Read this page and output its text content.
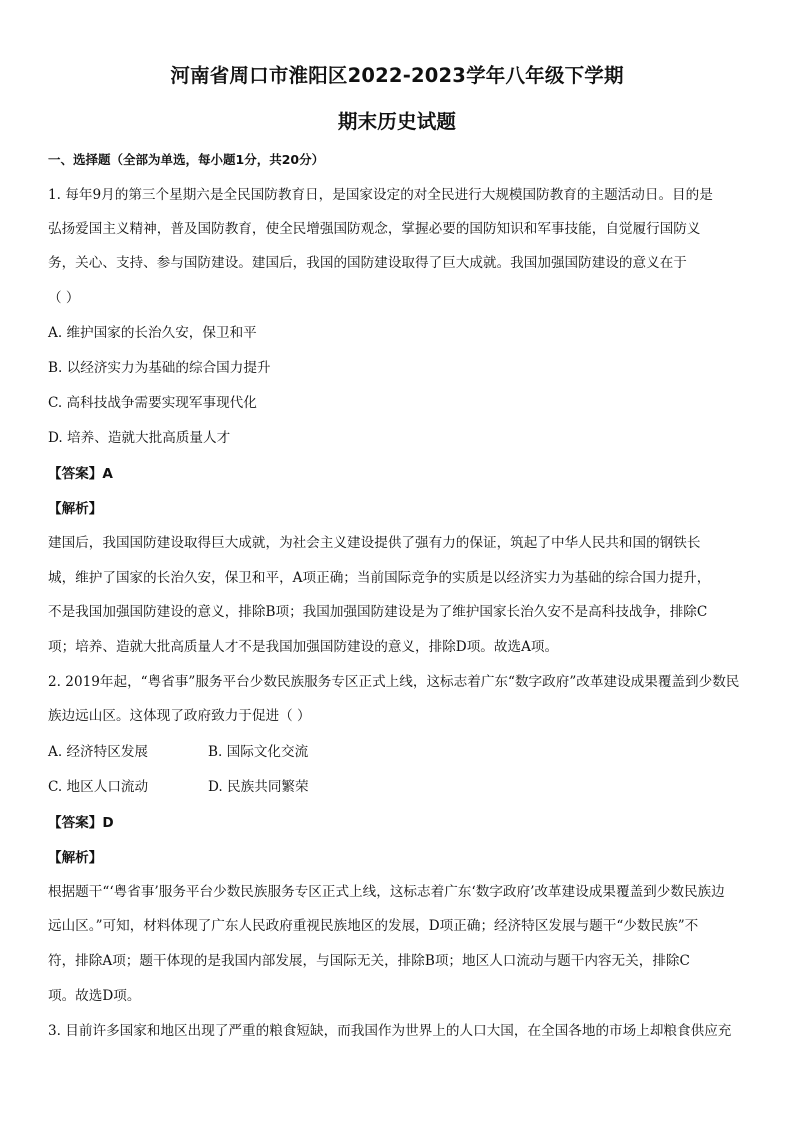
河南省周口市淮阳区2022-2023学年八年级下学期
期末历史试题
一、选择题（全部为单选，每小题1分，共20分）
1. 每年9月的第三个星期六是全民国防教育日，是国家设定的对全民进行大规模国防教育的主题活动日。目的是
弘扬爱国主义精神，普及国防教育，使全民增强国防观念，掌握必要的国防知识和军事技能，自觉履行国防义
务，关心、支持、参与国防建设。建国后，我国的国防建设取得了巨大成就。我国加强国防建设的意义在于
（ ）
A. 维护国家的长治久安，保卫和平
B. 以经济实力为基础的综合国力提升
C. 高科技战争需要实现军事现代化
D. 培养、造就大批高质量人才
【答案】A
【解析】
建国后，我国国防建设取得巨大成就，为社会主义建设提供了强有力的保证，筑起了中华人民共和国的钢铁长
城，维护了国家的长治久安，保卫和平，A项正确；当前国际竞争的实质是以经济实力为基础的综合国力提升，
不是我国加强国防建设的意义，排除B项；我国加强国防建设是为了维护国家长治久安不是高科技战争，排除C
项；培养、造就大批高质量人才不是我国加强国防建设的意义，排除D项。故选A项。
2. 2019年起，“粤省事”服务平台少数民族服务专区正式上线，这标志着广东“数字政府”改革建设成果覆盖到少数民
族边远山区。这体现了政府致力于促进（ ）
A. 经济特区发展	B. 国际文化交流
C. 地区人口流动	D. 民族共同繁荣
【答案】D
【解析】
根据题干“‘粤省事’服务平台少数民族服务专区正式上线，这标志着广东‘数字政府’改革建设成果覆盖到少数民族边
远山区。”可知，材料体现了广东人民政府重视民族地区的发展，D项正确；经济特区发展与题干“少数民族”不
符，排除A项；题干体现的是我国内部发展，与国际无关，排除B项；地区人口流动与题干内容无关，排除C
项。故选D项。
3. 目前许多国家和地区出现了严重的粮食短缺，而我国作为世界上的人口大国，在全国各地的市场上却粮食供应充
